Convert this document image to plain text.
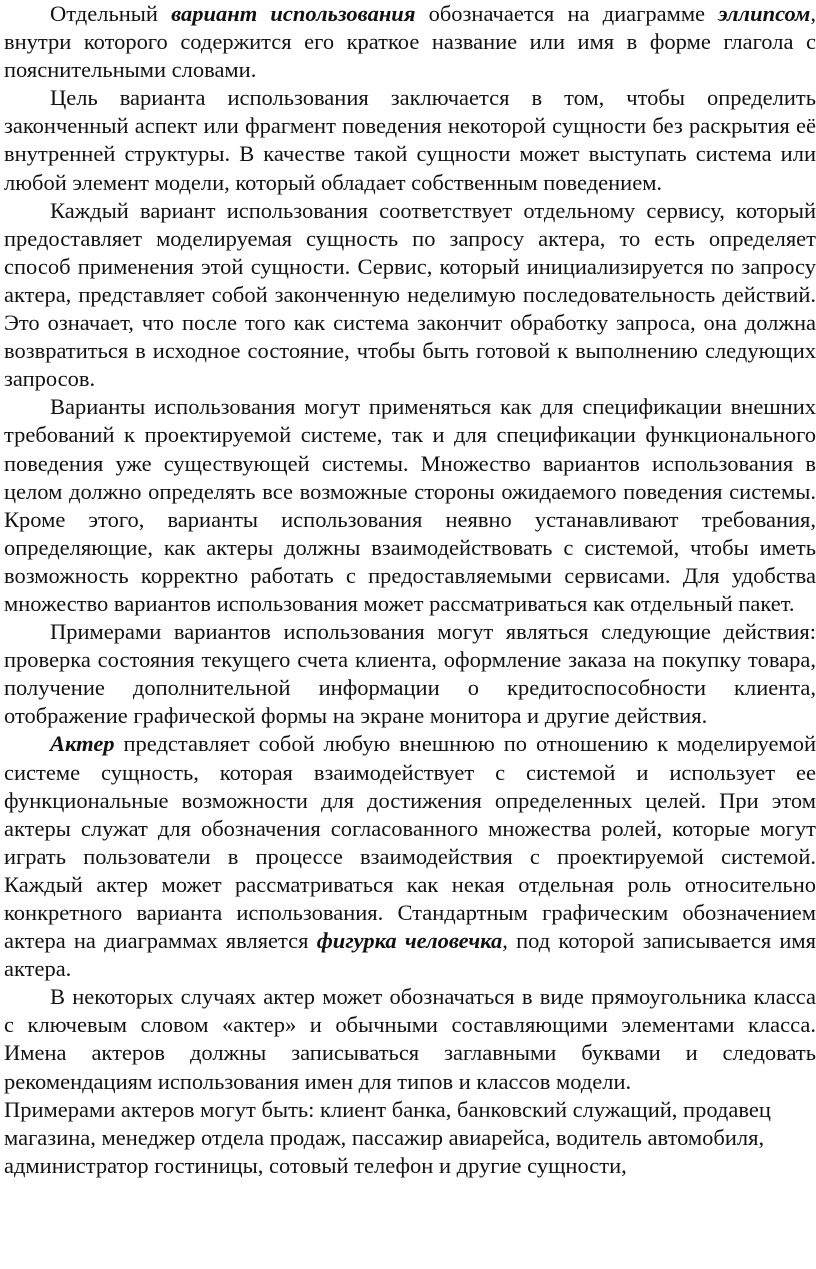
Отдельный вариант использования обозначается на диаграмме эллипсом, внутри которого содержится его краткое название или имя в форме глагола с пояснительными словами.

Цель варианта использования заключается в том, чтобы определить законченный аспект или фрагмент поведения некоторой сущности без раскрытия её внутренней структуры. В качестве такой сущности может выступать система или любой элемент модели, который обладает собственным поведением.

Каждый вариант использования соответствует отдельному сервису, который предоставляет моделируемая сущность по запросу актера, то есть определяет способ применения этой сущности. Сервис, который инициализируется по запросу актера, представляет собой законченную неделимую последовательность действий. Это означает, что после того как система закончит обработку запроса, она должна возвратиться в исходное состояние, чтобы быть готовой к выполнению следующих запросов.

Варианты использования могут применяться как для спецификации внешних требований к проектируемой системе, так и для спецификации функционального поведения уже существующей системы. Множество вариантов использования в целом должно определять все возможные стороны ожидаемого поведения системы. Кроме этого, варианты использования неявно устанавливают требования, определяющие, как актеры должны взаимодействовать с системой, чтобы иметь возможность корректно работать с предоставляемыми сервисами. Для удобства множество вариантов использования может рассматриваться как отдельный пакет.

Примерами вариантов использования могут являться следующие действия: проверка состояния текущего счета клиента, оформление заказа на покупку товара, получение дополнительной информации о кредитоспособности клиента, отображение графической формы на экране монитора и другие действия.

Актер представляет собой любую внешнюю по отношению к моделируемой системе сущность, которая взаимодействует с системой и использует ее функциональные возможности для достижения определенных целей. При этом актеры служат для обозначения согласованного множества ролей, которые могут играть пользователи в процессе взаимодействия с проектируемой системой. Каждый актер может рассматриваться как некая отдельная роль относительно конкретного варианта использования. Стандартным графическим обозначением актера на диаграммах является фигурка человечка, под которой записывается имя актера.

В некоторых случаях актер может обозначаться в виде прямоугольника класса с ключевым словом «актер» и обычными составляющими элементами класса. Имена актеров должны записываться заглавными буквами и следовать рекомендациям использования имен для типов и классов модели.

Примерами актеров могут быть: клиент банка, банковский служащий, продавец магазина, менеджер отдела продаж, пассажир авиарейса, водитель автомобиля, администратор гостиницы, сотовый телефон и другие сущности,
